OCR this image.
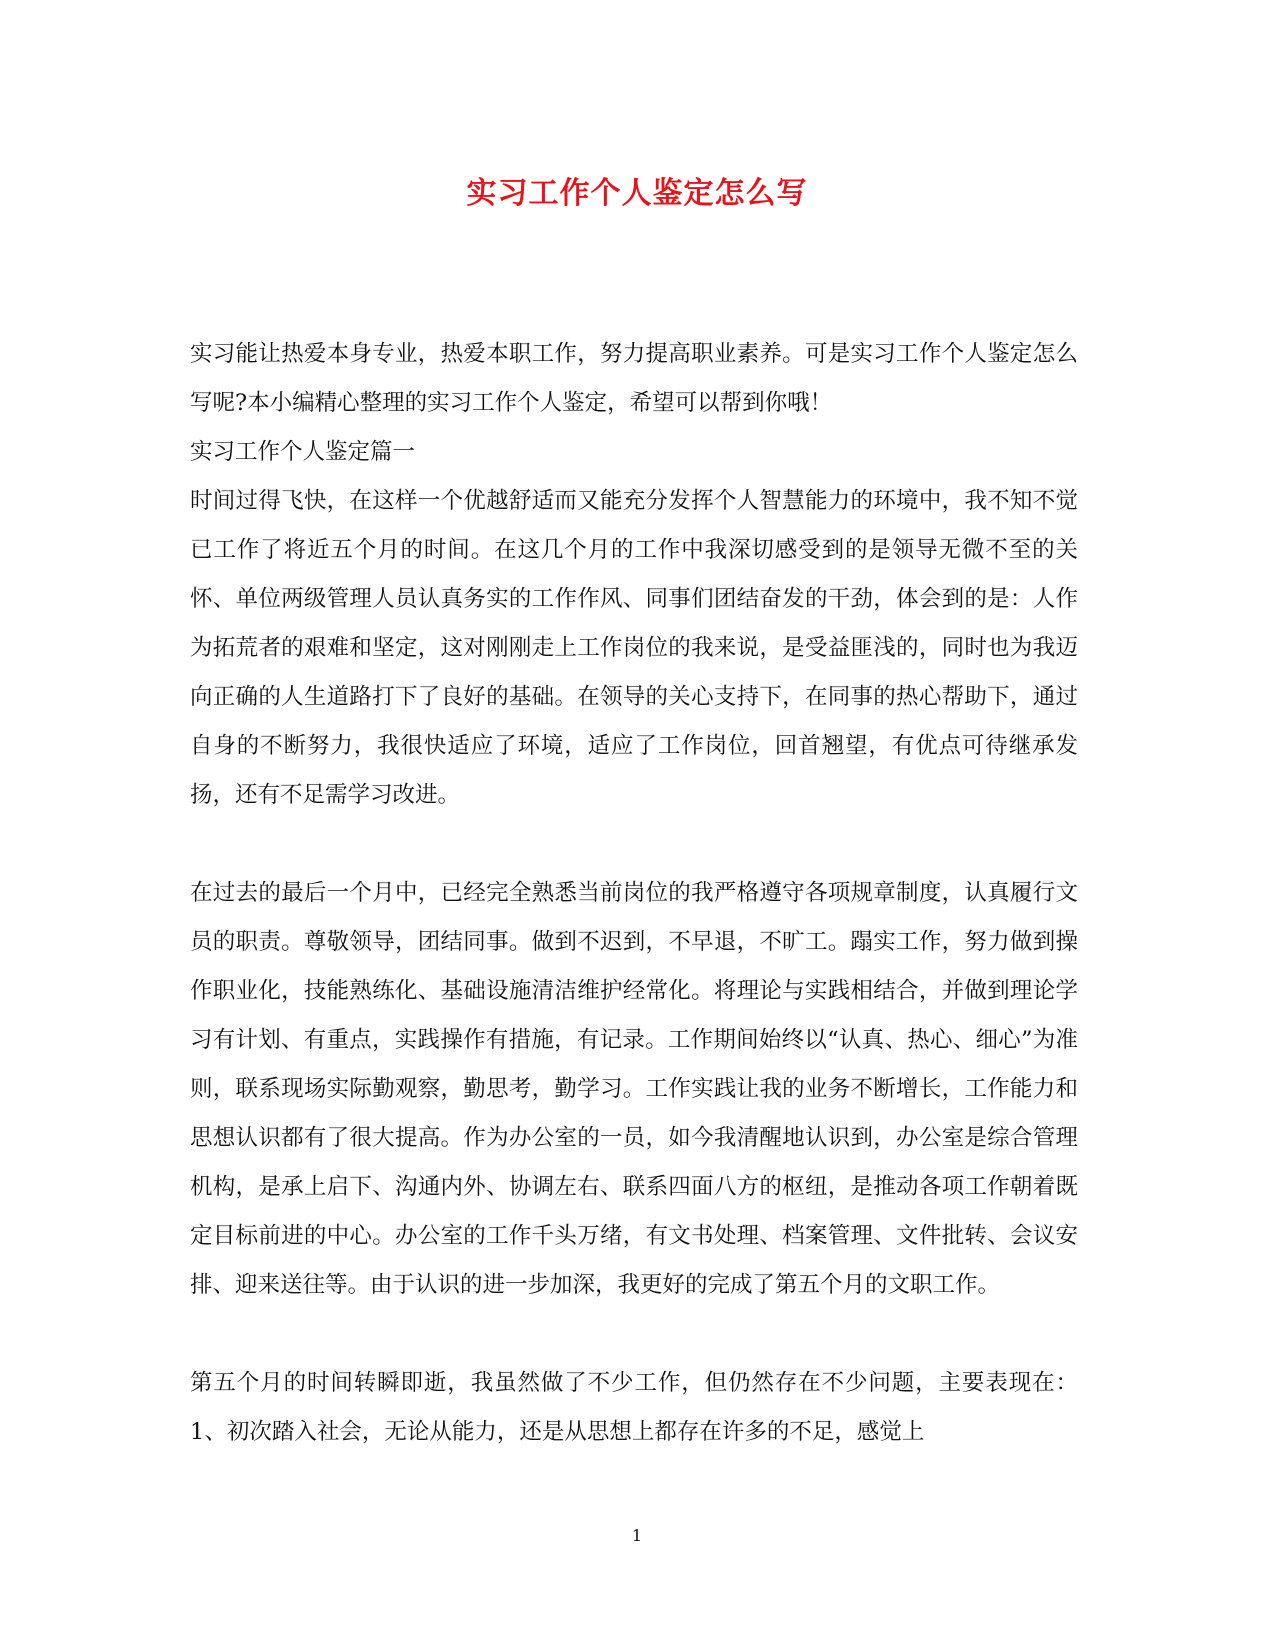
实习工作个人鉴定怎么写

实习能让热爱本身专业，热爱本职工作，努力提高职业素养。可是实习工作个人鉴定怎么写呢?本小编精心整理的实习工作个人鉴定，希望可以帮到你哦！

实习工作个人鉴定篇一

时间过得飞快，在这样一个优越舒适而又能充分发挥个人智慧能力的环境中，我不知不觉已工作了将近五个月的时间。在这几个月的工作中我深切感受到的是领导无微不至的关怀、单位两级管理人员认真务实的工作作风、同事们团结奋发的干劲，体会到的是：人作为拓荒者的艰难和坚定，这对刚刚走上工作岗位的我来说，是受益匪浅的，同时也为我迈向正确的人生道路打下了良好的基础。在领导的关心支持下，在同事的热心帮助下，通过自身的不断努力，我很快适应了环境，适应了工作岗位，回首翘望，有优点可待继承发扬，还有不足需学习改进。

在过去的最后一个月中，已经完全熟悉当前岗位的我严格遵守各项规章制度，认真履行文员的职责。尊敬领导，团结同事。做到不迟到，不早退，不旷工。蹋实工作，努力做到操作职业化，技能熟练化、基础设施清洁维护经常化。将理论与实践相结合，并做到理论学习有计划、有重点，实践操作有措施，有记录。工作期间始终以“认真、热心、细心”为准则，联系现场实际勤观察，勤思考，勤学习。工作实践让我的业务不断增长，工作能力和思想认识都有了很大提高。作为办公室的一员，如今我清醒地认识到，办公室是综合管理机构，是承上启下、沟通内外、协调左右、联系四面八方的枢纽，是推动各项工作朝着既定目标前进的中心。办公室的工作千头万绪，有文书处理、档案管理、文件批转、会议安排、迎来送往等。由于认识的进一步加深，我更好的完成了第五个月的文职工作。

第五个月的时间转瞬即逝，我虽然做了不少工作，但仍然存在不少问题，主要表现在：1、初次踏入社会，无论从能力，还是从思想上都存在许多的不足，感觉上

1
